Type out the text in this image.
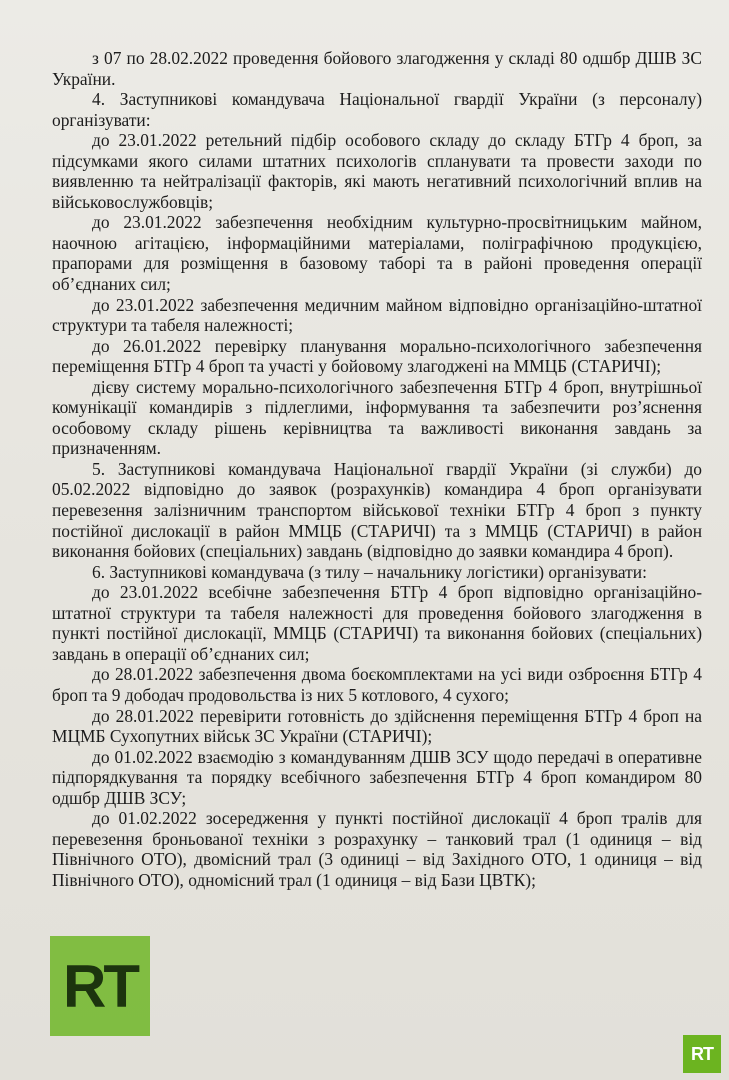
з 07 по 28.02.2022 проведення бойового злагодження у складі 80 одшбр ДШВ ЗС України.

4. Заступникові командувача Національної гвардії України (з персоналу) організувати:

до 23.01.2022 ретельний підбір особового складу до складу БТГр 4 броп, за підсумками якого силами штатних психологів спланувати та провести заходи по виявленню та нейтралізації факторів, які мають негативний психологічний вплив на військовослужбовців;

до 23.01.2022 забезпечення необхідним культурно-просвітницьким майном, наочною агітацією, інформаційними матеріалами, поліграфічною продукцією, прапорами для розміщення в базовому таборі та в районі проведення операції об’єднаних сил;

до 23.01.2022 забезпечення медичним майном відповідно організаційно-штатної структури та табеля належності;

до 26.01.2022 перевірку планування морально-психологічного забезпечення переміщення БТГр 4 броп та участі у бойовому злагоджені на ММЦБ (СТАРИЧІ);

дієву систему морально-психологічного забезпечення БТГр 4 броп, внутрішньої комунікації командирів з підлеглими, інформування та забезпечити роз’яснення особовому складу рішень керівництва та важливості виконання завдань за призначенням.

5. Заступникові командувача Національної гвардії України (зі служби) до 05.02.2022 відповідно до заявок (розрахунків) командира 4 броп організувати перевезення залізничним транспортом військової техніки БТГр 4 броп з пункту постійної дислокації в район ММЦБ (СТАРИЧІ) та з ММЦБ (СТАРИЧІ) в район виконання бойових (спеціальних) завдань (відповідно до заявки командира 4 броп).

6. Заступникові командувача (з тилу – начальнику логістики) організувати:

до 23.01.2022 всебічне забезпечення БТГр 4 броп відповідно організаційно-штатної структури та табеля належності для проведення бойового злагодження в пункті постійної дислокації, ММЦБ (СТАРИЧІ) та виконання бойових (спеціальних) завдань в операції об’єднаних сил;

до 28.01.2022 забезпечення двома боєкомплектами на усі види озброєння БТГр 4 броп та 9 дободач продовольства із них 5 котлового, 4 сухого;

до 28.01.2022 перевірити готовність до здійснення переміщення БТГр 4 броп на МЦМБ Сухопутних військ ЗС України (СТАРИЧІ);

до 01.02.2022 взаємодію з командуванням ДШВ ЗСУ щодо передачі в оперативне підпорядкування та порядку всебічного забезпечення БТГр 4 броп командиром 80 одшбр ДШВ ЗСУ;

до 01.02.2022 зосередження у пункті постійної дислокації 4 броп тралів для перевезення броньованої техніки з розрахунку – танковий трал (1 одиниця – від Північного ОТО), двомісний трал (3 одиниці – від Західного ОТО, 1 одиниця – від Північного ОТО), одномісний трал (1 одиниця – від Бази ЦВТК);

RT
RT
